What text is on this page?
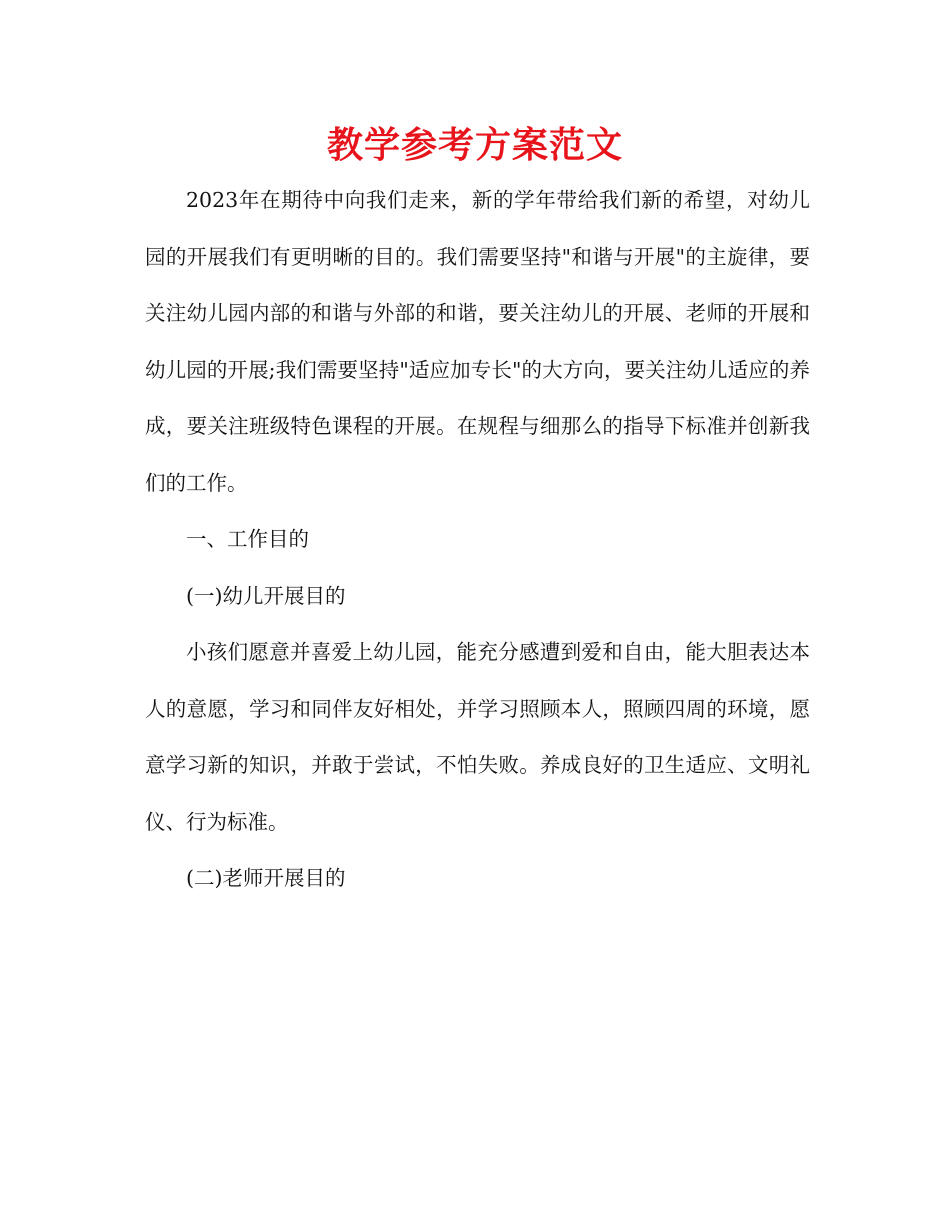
教学参考方案范文

2023年在期待中向我们走来，新的学年带给我们新的希望，对幼儿园的开展我们有更明晰的目的。我们需要坚持"和谐与开展"的主旋律，要关注幼儿园内部的和谐与外部的和谐，要关注幼儿的开展、老师的开展和幼儿园的开展;我们需要坚持"适应加专长"的大方向，要关注幼儿适应的养成，要关注班级特色课程的开展。在规程与细那么的指导下标准并创新我们的工作。

一、工作目的

(一)幼儿开展目的

小孩们愿意并喜爱上幼儿园，能充分感遭到爱和自由，能大胆表达本人的意愿，学习和同伴友好相处，并学习照顾本人，照顾四周的环境，愿意学习新的知识，并敢于尝试，不怕失败。养成良好的卫生适应、文明礼仪、行为标准。

(二)老师开展目的
